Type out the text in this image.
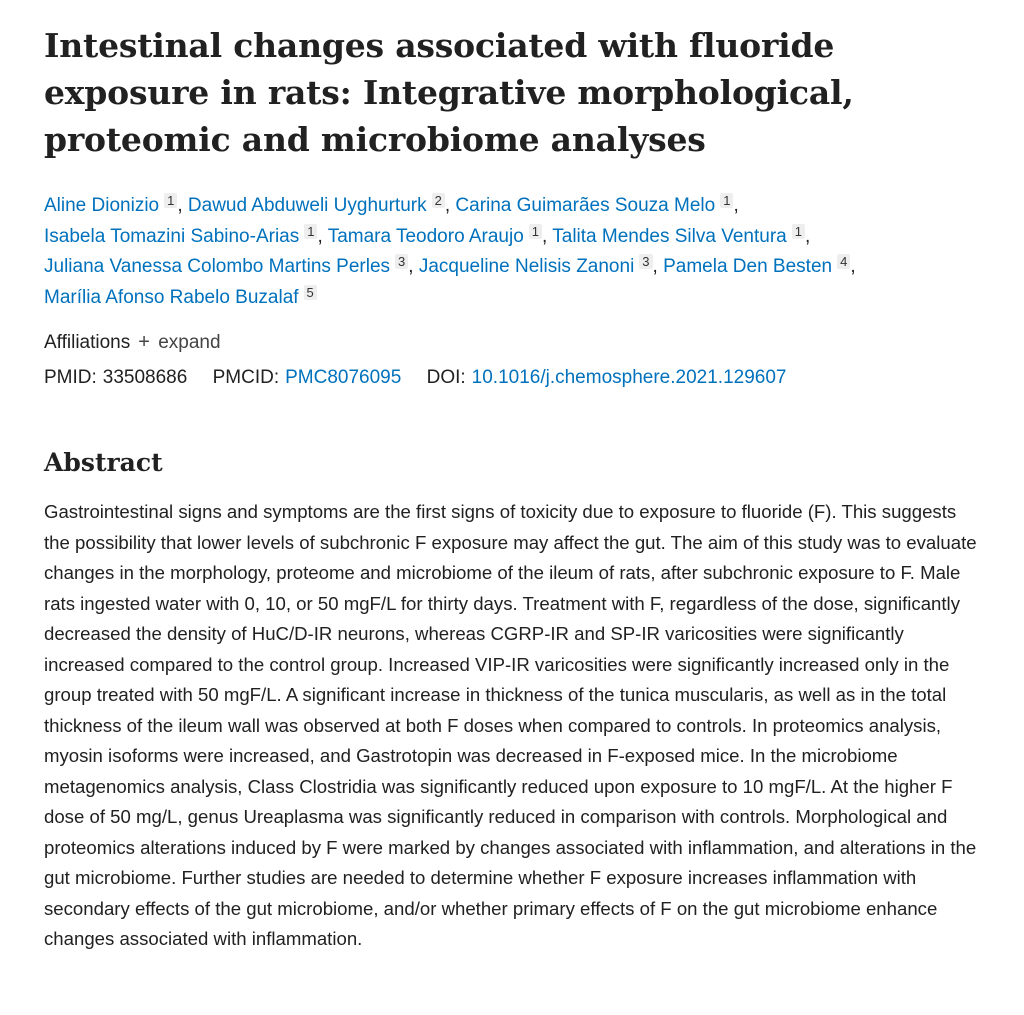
Intestinal changes associated with fluoride exposure in rats: Integrative morphological, proteomic and microbiome analyses
Aline Dionizio 1 , Dawud Abduweli Uyghurturk 2 , Carina Guimarães Souza Melo 1 ,
Isabela Tomazini Sabino-Arias 1 , Tamara Teodoro Araujo 1 , Talita Mendes Silva Ventura 1 ,
Juliana Vanessa Colombo Martins Perles 3 , Jacqueline Nelisis Zanoni 3 , Pamela Den Besten 4 ,
Marília Afonso Rabelo Buzalaf 5
Affiliations + expand
PMID: 33508686 PMCID: PMC8076095 DOI: 10.1016/j.chemosphere.2021.129607
Abstract

Gastrointestinal signs and symptoms are the first signs of toxicity due to exposure to fluoride (F). This suggests the possibility that lower levels of subchronic F exposure may affect the gut. The aim of this study was to evaluate changes in the morphology, proteome and microbiome of the ileum of rats, after subchronic exposure to F. Male rats ingested water with 0, 10, or 50 mgF/L for thirty days. Treatment with F, regardless of the dose, significantly decreased the density of HuC/D-IR neurons, whereas CGRP-IR and SP-IR varicosities were significantly increased compared to the control group. Increased VIP-IR varicosities were significantly increased only in the group treated with 50 mgF/L. A significant increase in thickness of the tunica muscularis, as well as in the total thickness of the ileum wall was observed at both F doses when compared to controls. In proteomics analysis, myosin isoforms were increased, and Gastrotopin was decreased in F-exposed mice. In the microbiome metagenomics analysis, Class Clostridia was significantly reduced upon exposure to 10 mgF/L. At the higher F dose of 50 mg/L, genus Ureaplasma was significantly reduced in comparison with controls. Morphological and proteomics alterations induced by F were marked by changes associated with inflammation, and alterations in the gut microbiome. Further studies are needed to determine whether F exposure increases inflammation with secondary effects of the gut microbiome, and/or whether primary effects of F on the gut microbiome enhance changes associated with inflammation.
